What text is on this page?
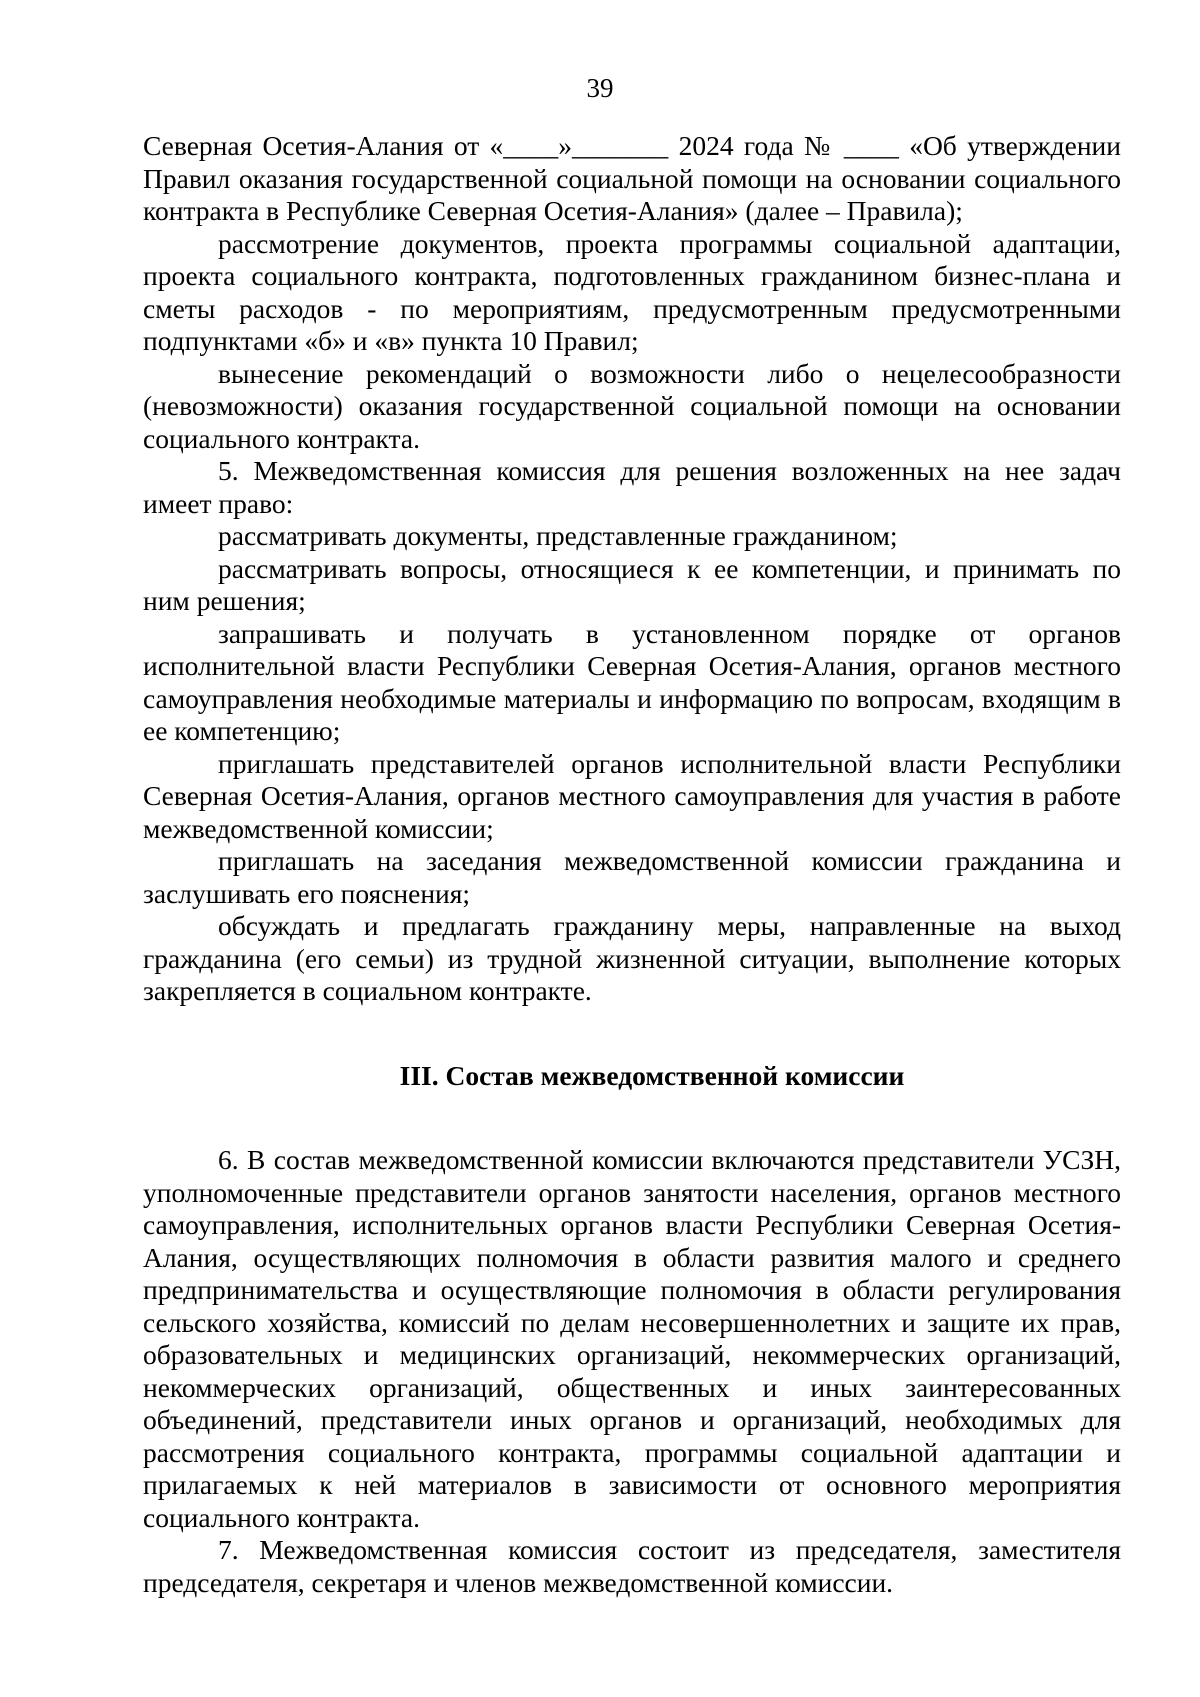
39

Северная Осетия-Алания от «____»_______ 2024 года № ____ «Об утверждении Правил оказания государственной социальной помощи на основании социального контракта в Республике Северная Осетия-Алания» (далее – Правила);

рассмотрение документов, проекта программы социальной адаптации, проекта социального контракта, подготовленных гражданином бизнес-плана и сметы расходов - по мероприятиям, предусмотренным предусмотренными подпунктами «б» и «в» пункта 10 Правил;

вынесение рекомендаций о возможности либо о нецелесообразности (невозможности) оказания государственной социальной помощи на основании социального контракта.

5. Межведомственная комиссия для решения возложенных на нее задач имеет право:

рассматривать документы, представленные гражданином;

рассматривать вопросы, относящиеся к ее компетенции, и принимать по ним решения;

запрашивать и получать в установленном порядке от органов исполнительной власти Республики Северная Осетия-Алания, органов местного самоуправления необходимые материалы и информацию по вопросам, входящим в ее компетенцию;

приглашать представителей органов исполнительной власти Республики Северная Осетия-Алания, органов местного самоуправления для участия в работе межведомственной комиссии;

приглашать на заседания межведомственной комиссии гражданина и заслушивать его пояснения;

обсуждать и предлагать гражданину меры, направленные на выход гражданина (его семьи) из трудной жизненной ситуации, выполнение которых закрепляется в социальном контракте.

III. Состав межведомственной комиссии

6. В состав межведомственной комиссии включаются представители УСЗН, уполномоченные представители органов занятости населения, органов местного самоуправления, исполнительных органов власти Республики Северная Осетия-Алания, осуществляющих полномочия в области развития малого и среднего предпринимательства и осуществляющие полномочия в области регулирования сельского хозяйства, комиссий по делам несовершеннолетних и защите их прав, образовательных и медицинских организаций, некоммерческих организаций, некоммерческих организаций, общественных и иных заинтересованных объединений, представители иных органов и организаций, необходимых для рассмотрения социального контракта, программы социальной адаптации и прилагаемых к ней материалов в зависимости от основного мероприятия социального контракта.

7. Межведомственная комиссия состоит из председателя, заместителя председателя, секретаря и членов межведомственной комиссии.
